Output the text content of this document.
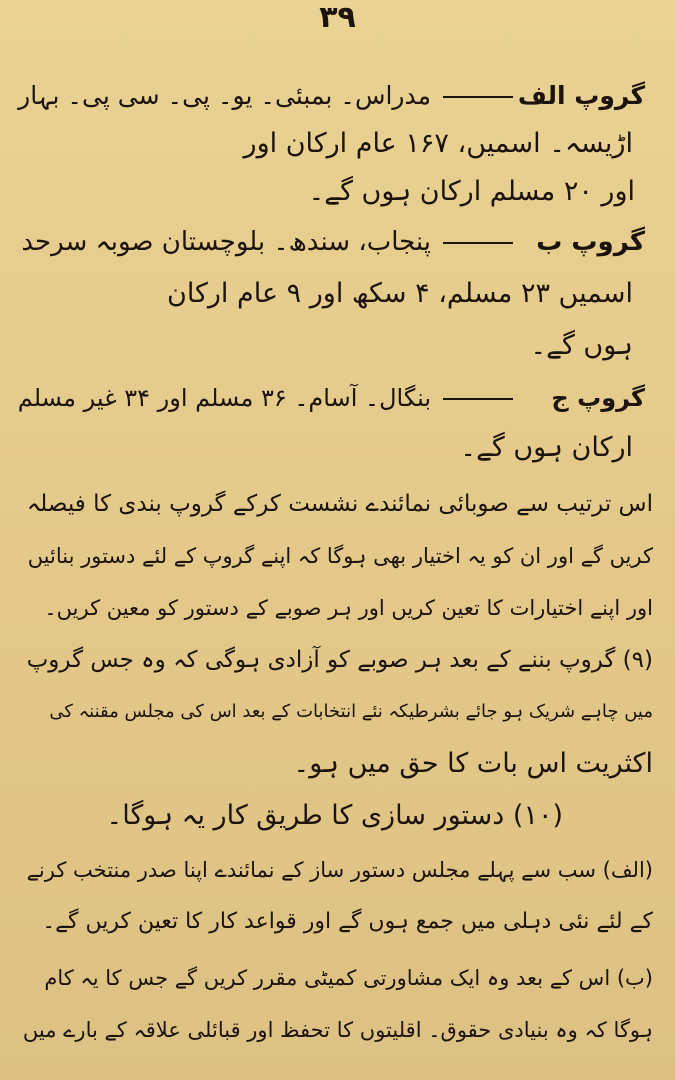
۳۹
گروپ الفمدراس۔ بمبئی۔ یو۔ پی۔ سی پی۔ بہار
اڑیسہ۔ اسمیں، ۱۶۷ عام ارکان اور
اور ۲۰ مسلم ارکان ہوں گے۔
گروپ بپنجاب، سندھ۔ بلوچستان صوبہ سرحد
اسمیں ۲۳ مسلم، ۴ سکھ اور ۹ عام ارکان
ہوں گے۔
گروپ جبنگال۔ آسام۔ ۳۶ مسلم اور ۳۴ غیر مسلم
ارکان ہوں گے۔
اس ترتیب سے صوبائی نمائندے نشست کرکے گروپ بندی کا فیصلہ
کریں گے اور ان کو یہ اختیار بھی ہوگا کہ اپنے گروپ کے لئے دستور بنائیں
اور اپنے اختیارات کا تعین کریں اور ہر صوبے کے دستور کو معین کریں۔
(۹) گروپ بننے کے بعد ہر صوبے کو آزادی ہوگی کہ وہ جس گروپ
میں چاہے شریک ہو جائے بشرطیکہ نئے انتخابات کے بعد اس کی مجلس مقننہ کی
اکثریت اس بات کا حق میں ہو۔
(۱۰) دستور سازی کا طریق کار یہ ہوگا۔
(الف) سب سے پہلے مجلس دستور ساز کے نمائندے اپنا صدر منتخب کرنے
کے لئے نئی دہلی میں جمع ہوں گے اور قواعد کار کا تعین کریں گے۔
(ب) اس کے بعد وہ ایک مشاورتی کمیٹی مقرر کریں گے جس کا یہ کام
ہوگا کہ وہ بنیادی حقوق۔ اقلیتوں کا تحفظ اور قبائلی علاقہ کے بارے میں
